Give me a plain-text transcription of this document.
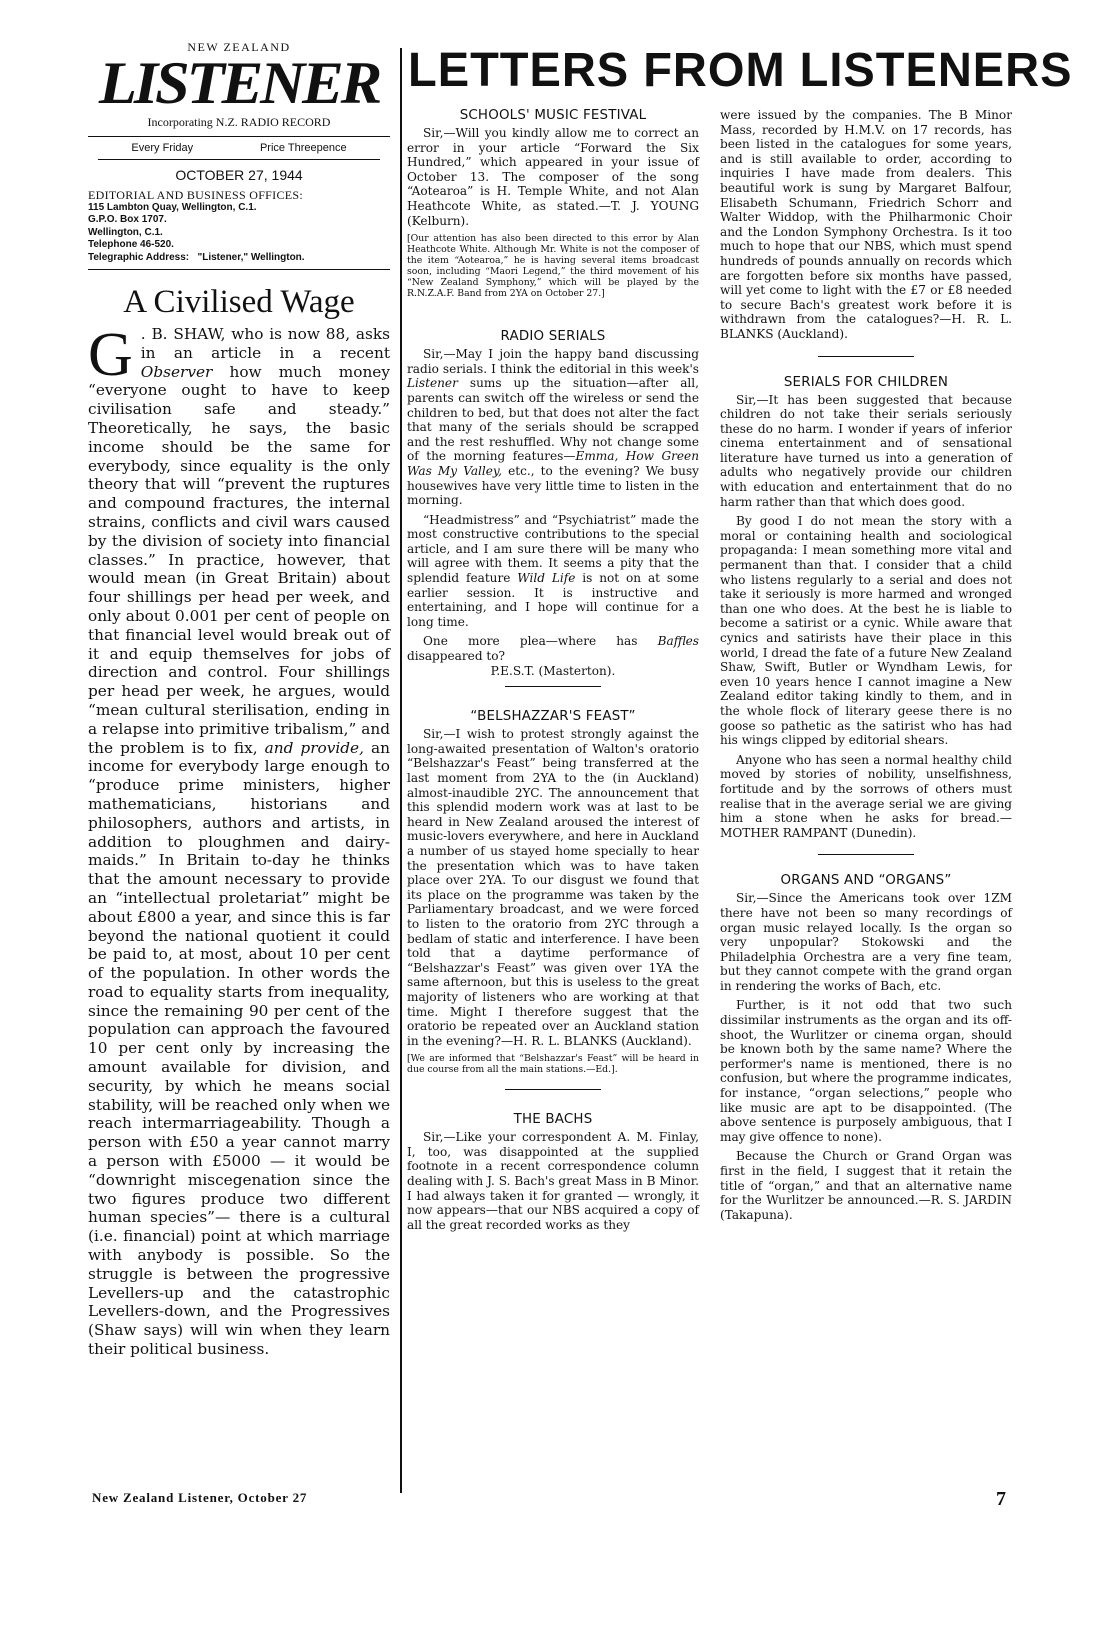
NEW ZEALAND
LISTENER
Incorporating N.Z. RADIO RECORD
Every Friday	Price Threepence
OCTOBER 27, 1944
EDITORIAL AND BUSINESS OFFICES:
115 Lambton Quay, Wellington, C.1.
G.P.O. Box 1707.
Wellington, C.1.
Telephone 46-520.
Telegraphic Address: "Listener," Wellington.
A Civilised Wage
G . B. SHAW, who is now 88, asks in an article in a recent Observer how much money “everyone ought to have to keep civilisation safe and steady.” Theoretically, he says, the basic income should be the same for everybody, since equality is the only theory that will “prevent the ruptures and compound fractures, the internal strains, conflicts and civil wars caused by the division of society into financial classes.” In practice, however, that would mean (in Great Britain) about four shillings per head per week, and only about 0.001 per cent of people on that financial level would break out of it and equip themselves for jobs of direction and control. Four shillings per head per week, he argues, would “mean cultural sterilisation, ending in a relapse into primitive tribalism,” and the problem is to fix, and provide, an income for everybody large enough to “produce prime ministers, higher mathematicians, historians and philosophers, authors and artists, in addition to ploughmen and dairy-maids.” In Britain to-day he thinks that the amount necessary to provide an “intellectual proletariat” might be about £800 a year, and since this is far beyond the national quotient it could be paid to, at most, about 10 per cent of the population. In other words the road to equality starts from inequality, since the remaining 90 per cent of the population can approach the favoured 10 per cent only by increasing the amount available for division, and security, by which he means social stability, will be reached only when we reach intermarriageability. Though a person with £50 a year cannot marry a person with £5000 — it would be “downright miscegenation since the two figures produce two different human species”— there is a cultural (i.e. financial) point at which marriage with anybody is possible. So the struggle is between the progressive Levellers-up and the catastrophic Levellers-down, and the Progressives (Shaw says) will win when they learn their political business.
New Zealand Listener, October 27
LETTERS FROM LISTENERS
SCHOOLS' MUSIC FESTIVAL

Sir,—Will you kindly allow me to correct an error in your article “Forward the Six Hundred,” which appeared in your issue of October 13. The composer of the song “Aotearoa” is H. Temple White, and not Alan Heathcote White, as stated.—T. J. YOUNG (Kelburn).

[Our attention has also been directed to this error by Alan Heathcote White. Although Mr. White is not the composer of the item “Aotearoa,” he is having several items broadcast soon, including “Maori Legend,” the third movement of his “New Zealand Symphony,” which will be played by the R.N.Z.A.F. Band from 2YA on October 27.]
RADIO SERIALS

Sir,—May I join the happy band discussing radio serials. I think the editorial in this week's Listener sums up the situation—after all, parents can switch off the wireless or send the children to bed, but that does not alter the fact that many of the serials should be scrapped and the rest reshuffled. Why not change some of the morning features—Emma, How Green Was My Valley, etc., to the evening? We busy housewives have very little time to listen in the morning.

“Headmistress” and “Psychiatrist” made the most constructive contributions to the special article, and I am sure there will be many who will agree with them. It seems a pity that the splendid feature Wild Life is not on at some earlier session. It is instructive and entertaining, and I hope will continue for a long time.

One more plea—where has Baffles disappeared to?

P.E.S.T. (Masterton).
“BELSHAZZAR'S FEAST”

Sir,—I wish to protest strongly against the long-awaited presentation of Walton's oratorio “Belshazzar's Feast” being transferred at the last moment from 2YA to the (in Auckland) almost-inaudible 2YC. The announcement that this splendid modern work was at last to be heard in New Zealand aroused the interest of music-lovers everywhere, and here in Auckland a number of us stayed home specially to hear the presentation which was to have taken place over 2YA. To our disgust we found that its place on the programme was taken by the Parliamentary broadcast, and we were forced to listen to the oratorio from 2YC through a bedlam of static and interference. I have been told that a daytime performance of “Belshazzar's Feast” was given over 1YA the same afternoon, but this is useless to the great majority of listeners who are working at that time. Might I therefore suggest that the oratorio be repeated over an Auckland station in the evening?—H. R. L. BLANKS (Auckland).

[We are informed that “Belshazzar's Feast” will be heard in due course from all the main stations.—Ed.].
THE BACHS

Sir,—Like your correspondent A. M. Finlay, I, too, was disappointed at the supplied footnote in a recent correspondence column dealing with J. S. Bach's great Mass in B Minor. I had always taken it for granted — wrongly, it now appears—that our NBS acquired a copy of all the great recorded works as they

were issued by the companies. The B Minor Mass, recorded by H.M.V. on 17 records, has been listed in the catalogues for some years, and is still available to order, according to inquiries I have made from dealers. This beautiful work is sung by Margaret Balfour, Elisabeth Schumann, Friedrich Schorr and Walter Widdop, with the Philharmonic Choir and the London Symphony Orchestra. Is it too much to hope that our NBS, which must spend hundreds of pounds annually on records which are forgotten before six months have passed, will yet come to light with the £7 or £8 needed to secure Bach's greatest work before it is withdrawn from the catalogues?—H. R. L. BLANKS (Auckland).

SERIALS FOR CHILDREN

Sir,—It has been suggested that because children do not take their serials seriously these do no harm. I wonder if years of inferior cinema entertainment and of sensational literature have turned us into a generation of adults who negatively provide our children with education and entertainment that do no harm rather than that which does good.

By good I do not mean the story with a moral or containing health and sociological propaganda: I mean something more vital and permanent than that. I consider that a child who listens regularly to a serial and does not take it seriously is more harmed and wronged than one who does. At the best he is liable to become a satirist or a cynic. While aware that cynics and satirists have their place in this world, I dread the fate of a future New Zealand Shaw, Swift, Butler or Wyndham Lewis, for even 10 years hence I cannot imagine a New Zealand editor taking kindly to them, and in the whole flock of literary geese there is no goose so pathetic as the satirist who has had his wings clipped by editorial shears.

Anyone who has seen a normal healthy child moved by stories of nobility, unselfishness, fortitude and by the sorrows of others must realise that in the average serial we are giving him a stone when he asks for bread.—MOTHER RAMPANT (Dunedin).

ORGANS AND “ORGANS”

Sir,—Since the Americans took over 1ZM there have not been so many recordings of organ music relayed locally. Is the organ so very unpopular? Stokowski and the Philadelphia Orchestra are a very fine team, but they cannot compete with the grand organ in rendering the works of Bach, etc.

Further, is it not odd that two such dissimilar instruments as the organ and its off-shoot, the Wurlitzer or cinema organ, should be known both by the same name? Where the performer's name is mentioned, there is no confusion, but where the programme indicates, for instance, “organ selections,” people who like music are apt to be disappointed. (The above sentence is purposely ambiguous, that I may give offence to none).

Because the Church or Grand Organ was first in the field, I suggest that it retain the title of “organ,” and that an alternative name for the Wurlitzer be announced.—R. S. JARDIN (Takapuna).

7
